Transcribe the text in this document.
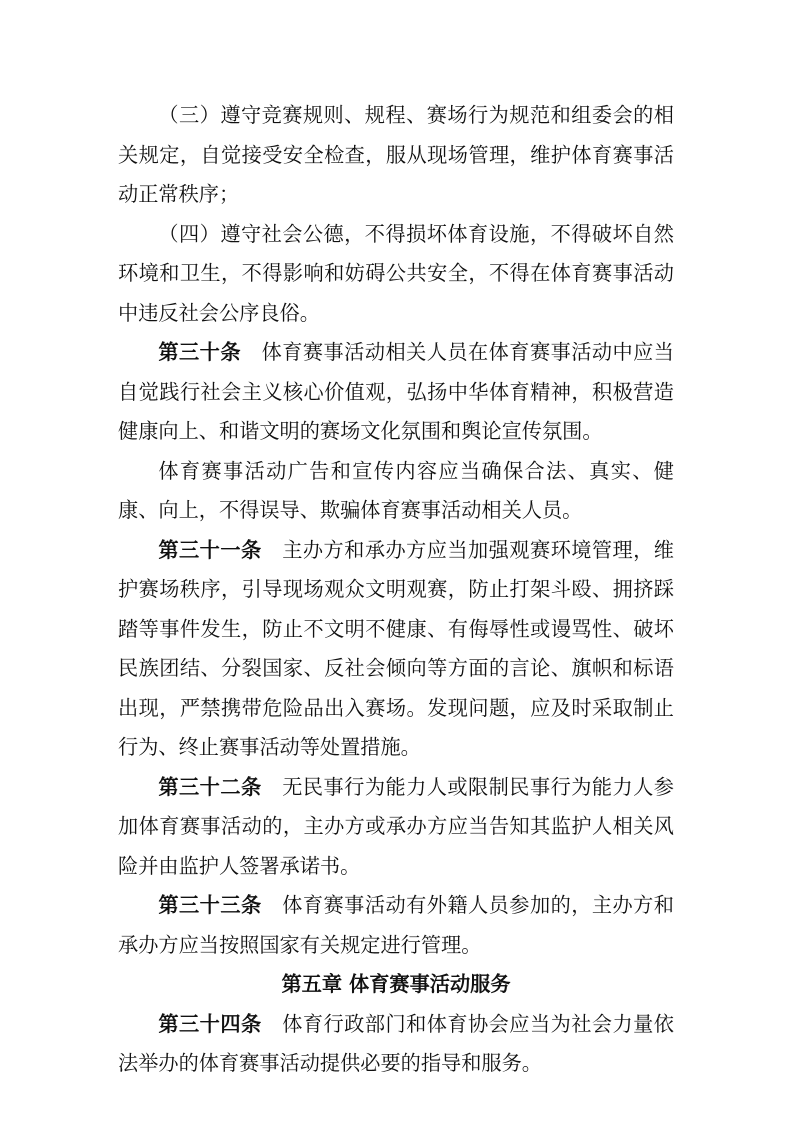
（三）遵守竞赛规则、规程、赛场行为规范和组委会的相关规定，自觉接受安全检查，服从现场管理，维护体育赛事活动正常秩序；

（四）遵守社会公德，不得损坏体育设施，不得破坏自然环境和卫生，不得影响和妨碍公共安全，不得在体育赛事活动中违反社会公序良俗。

第三十条 体育赛事活动相关人员在体育赛事活动中应当自觉践行社会主义核心价值观，弘扬中华体育精神，积极营造健康向上、和谐文明的赛场文化氛围和舆论宣传氛围。

体育赛事活动广告和宣传内容应当确保合法、真实、健康、向上，不得误导、欺骗体育赛事活动相关人员。

第三十一条 主办方和承办方应当加强观赛环境管理，维护赛场秩序，引导现场观众文明观赛，防止打架斗殴、拥挤踩踏等事件发生，防止不文明不健康、有侮辱性或谩骂性、破坏民族团结、分裂国家、反社会倾向等方面的言论、旗帜和标语出现，严禁携带危险品出入赛场。发现问题，应及时采取制止行为、终止赛事活动等处置措施。

第三十二条 无民事行为能力人或限制民事行为能力人参加体育赛事活动的，主办方或承办方应当告知其监护人相关风险并由监护人签署承诺书。

第三十三条 体育赛事活动有外籍人员参加的，主办方和承办方应当按照国家有关规定进行管理。

第五章 体育赛事活动服务

第三十四条 体育行政部门和体育协会应当为社会力量依法举办的体育赛事活动提供必要的指导和服务。
